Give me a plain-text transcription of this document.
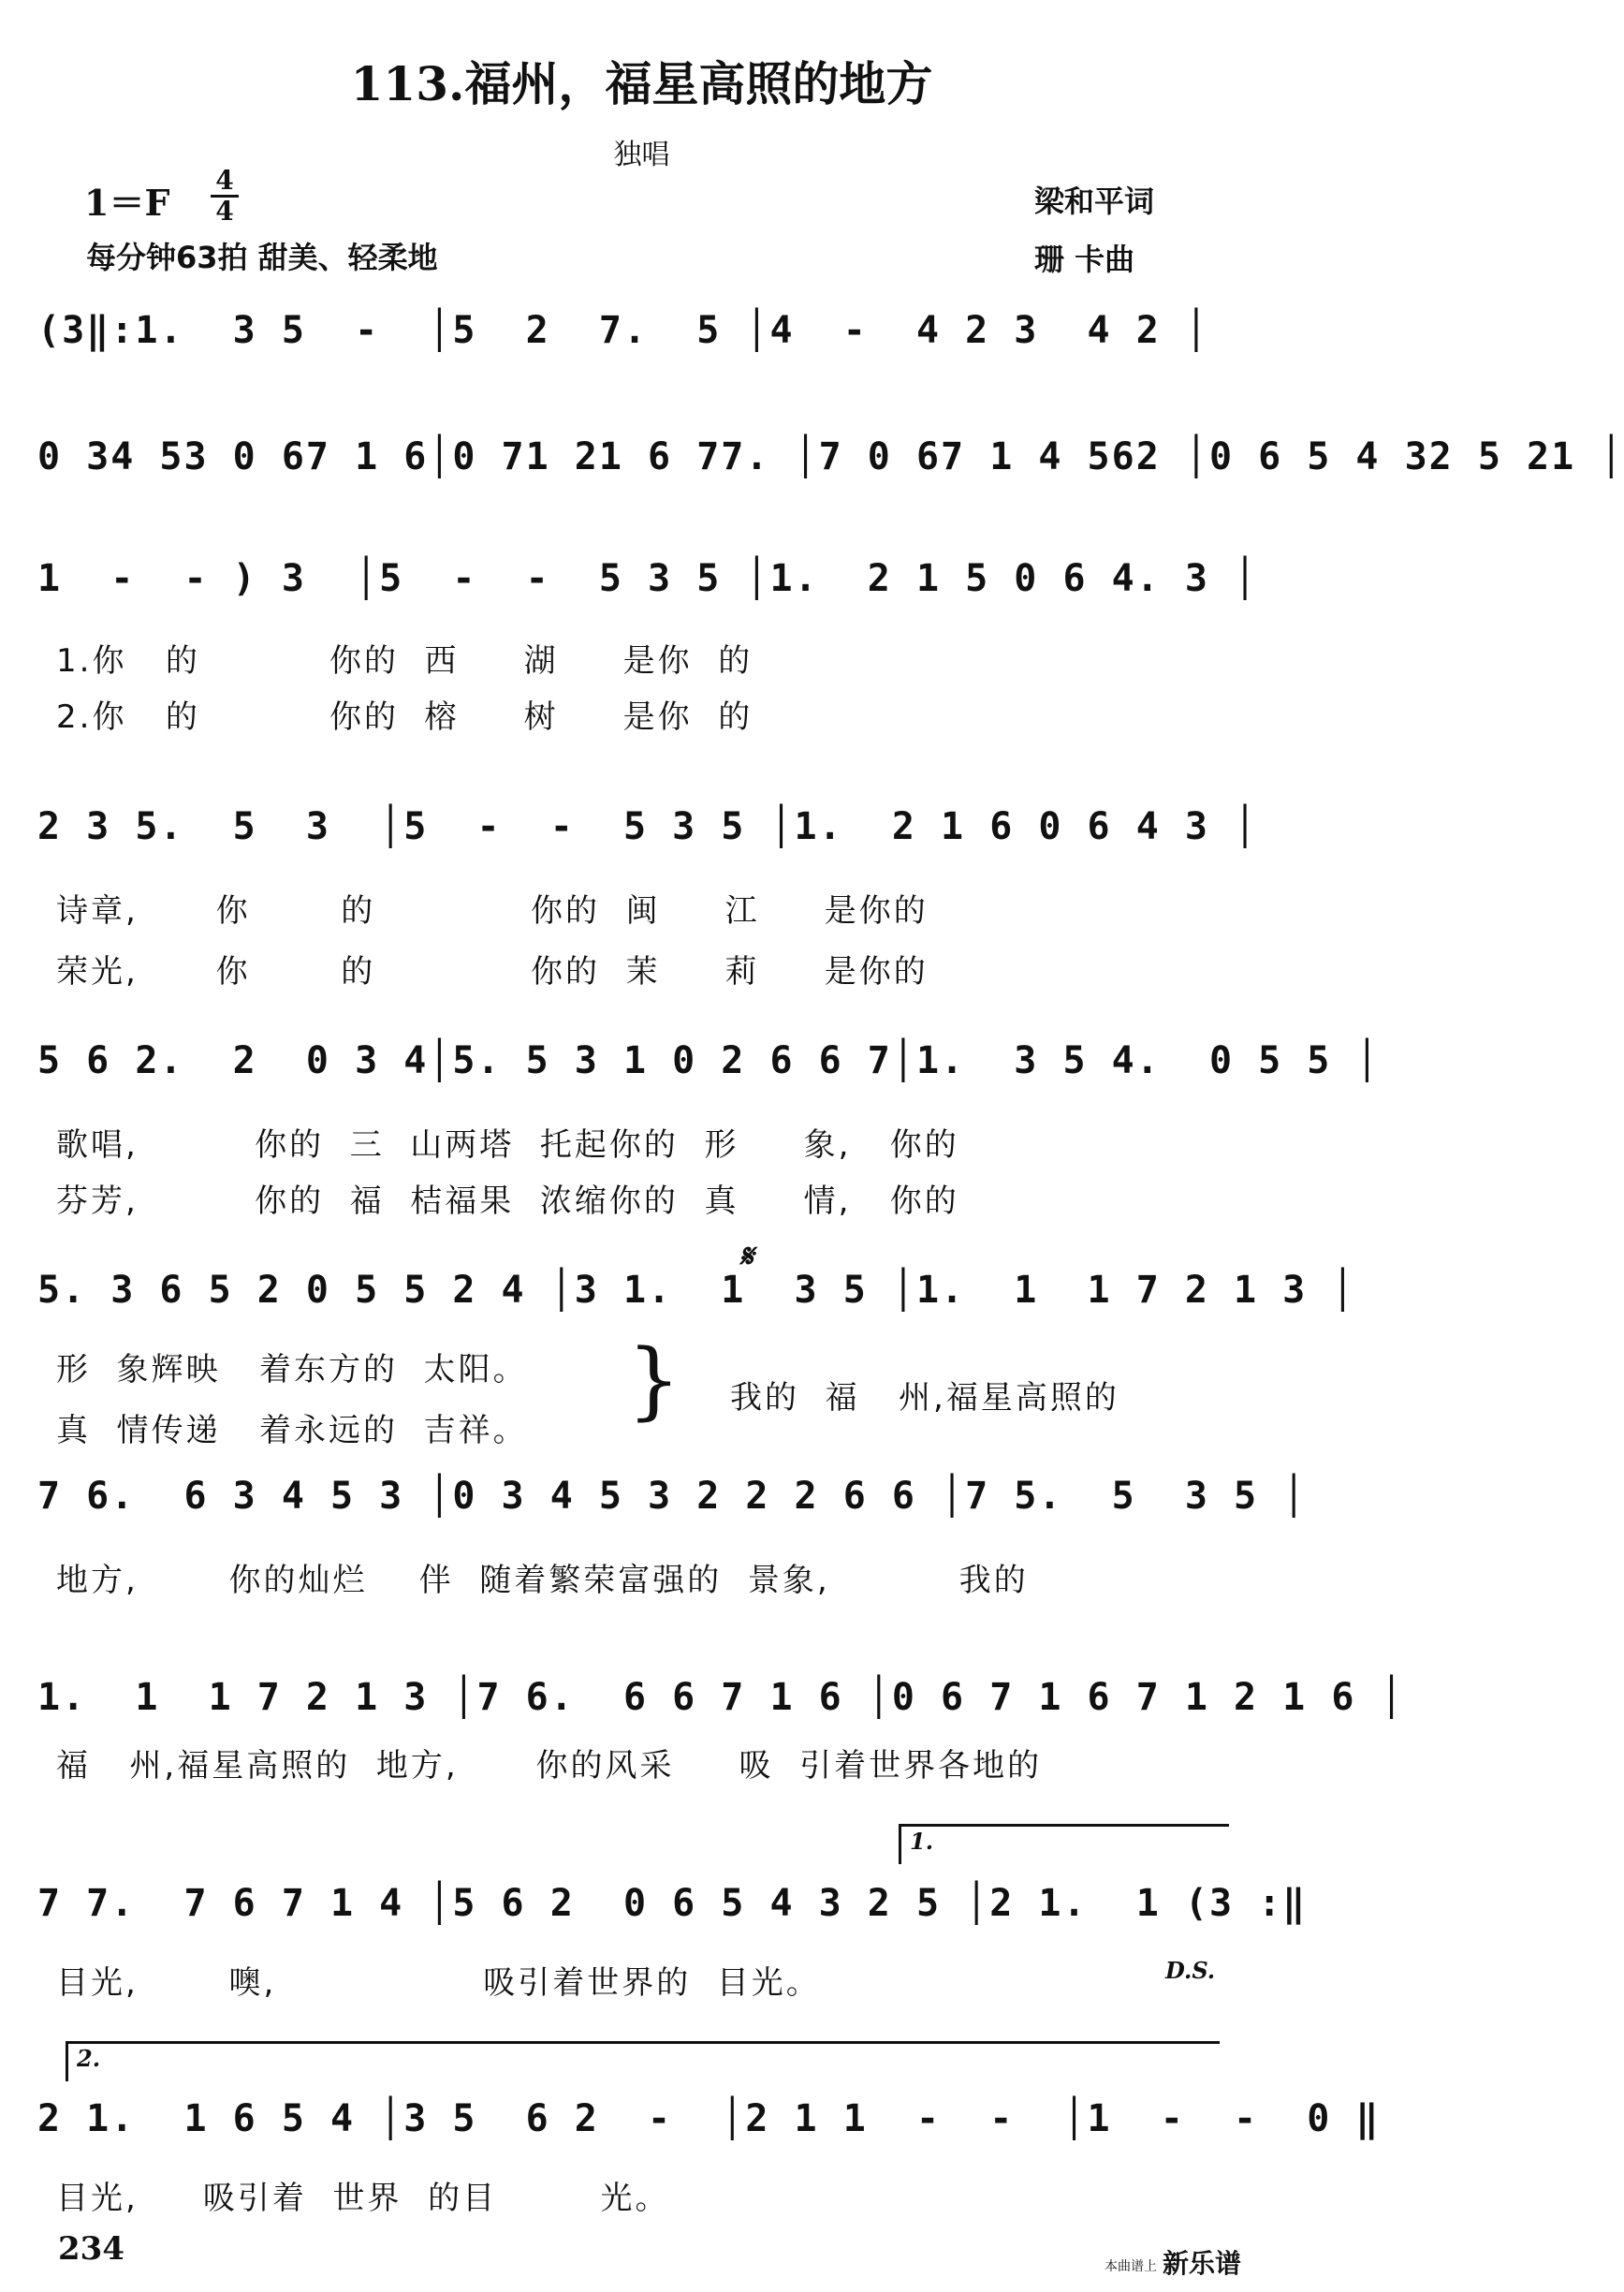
113.福州，福星高照的地方
独唱
1＝F
4
4
每分钟63拍 甜美、轻柔地
梁和平词
珊 卡曲
(3‖:1.  3 5  -  │5  2  7.  5 │4  -  4 2 3  4 2 │
0 34 53 0 67 1 6│0 71 21 6 77. │7 0 67 1 4 562 │0 6 5 4 32 5 21 │
1  -  - ) 3  │5  -  -  5 3 5 │1.  2 1 5 0 6 4. 3 │
1.你   的          你的  西     湖     是你  的
2.你   的          你的  榕     树     是你  的
2 3 5.  5  3  │5  -  -  5 3 5 │1.  2 1 6 0 6 4 3 │
诗章,      你       的            你的  闽     江     是你的
荣光,      你       的            你的  茉     莉     是你的
5 6 2.  2  0 3 4│5. 5 3 1 0 2 6 6 7│1.  3 5 4.  0 5 5 │
歌唱,         你的  三  山两塔  托起你的  形     象,   你的
芬芳,         你的  福  桔福果  浓缩你的  真     情,   你的
𝄋
5. 3 6 5 2 0 5 5 2 4 │3 1.  1  3 5 │1.  1  1 7 2 1 3 │
形  象辉映   着东方的  太阳。
真  情传递   着永远的  吉祥。
} 我的  福   州,福星高照的
7 6.  6 3 4 5 3 │0 3 4 5 3 2 2 2 6 6 │7 5.  5  3 5 │
地方,       你的灿烂    伴  随着繁荣富强的  景象,          我的
1.  1  1 7 2 1 3 │7 6.  6 6 7 1 6 │0 6 7 1 6 7 1 2 1 6 │
福   州,福星高照的  地方,      你的风采     吸  引着世界各地的
1.
7 7.  7 6 7 1 4 │5 6 2  0 6 5 4 3 2 5 │2 1.  1 (3 :‖
目光,       噢,                吸引着世界的  目光。	D.S.
2.
2 1.  1 6 5 4 │3 5  6 2  -  │2 1 1  -  -  │1  -  -  0 ‖
目光,     吸引着  世界  的目        光。
234	本曲谱上 新乐谱
